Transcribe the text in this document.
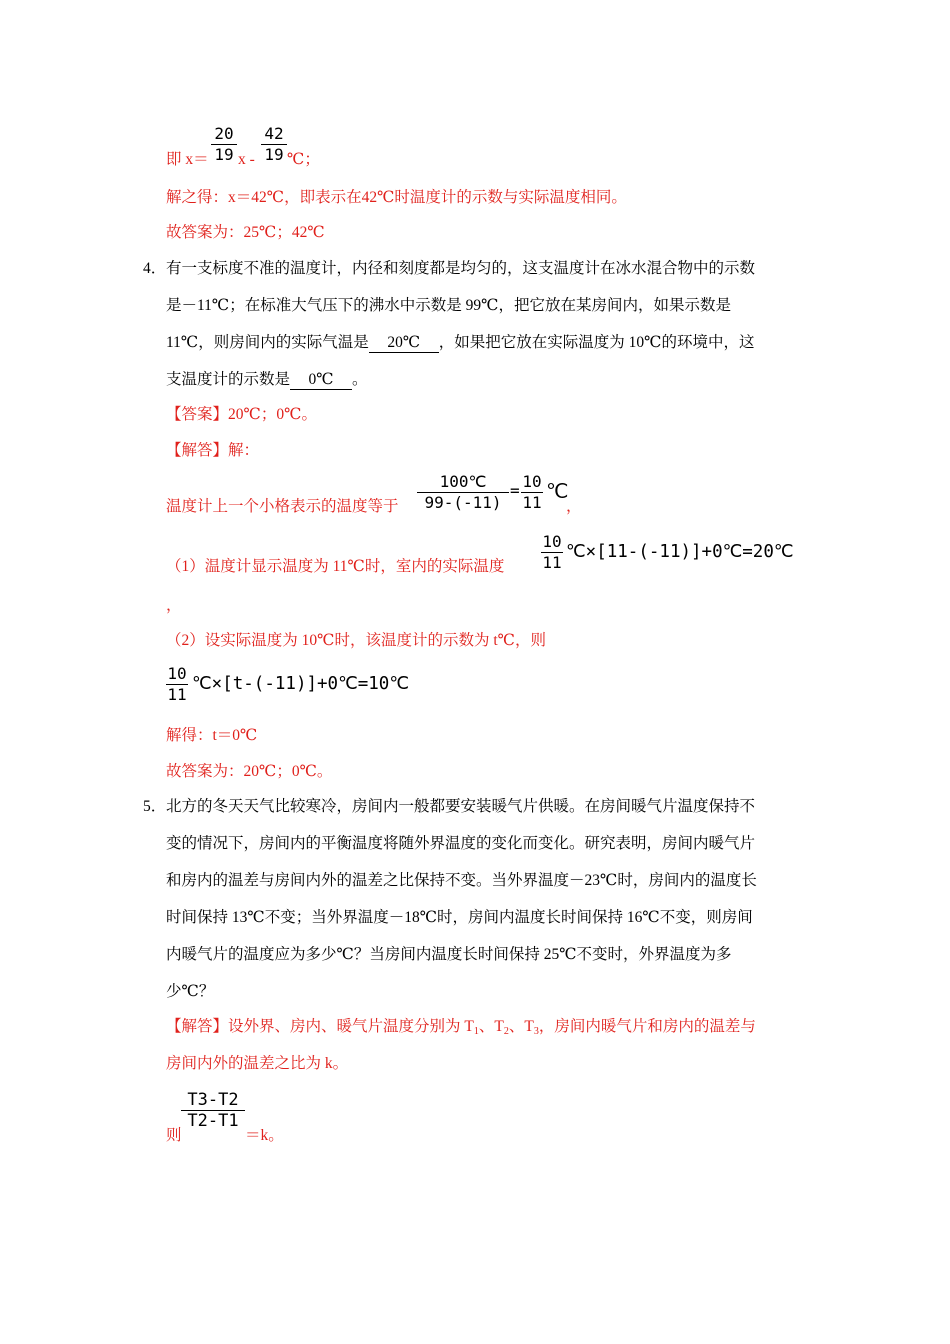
即 x＝
20
19 x -
42
19 ℃；
解之得：x＝42℃，即表示在42℃时温度计的示数与实际温度相同。
故答案为：25℃；42℃
4． 有一支标度不准的温度计，内径和刻度都是均匀的，这支温度计在冰水混合物中的示数
是－11℃；在标准大气压下的沸水中示数是 99℃，把它放在某房间内，如果示数是
11℃，则房间内的实际气温是 20℃ ，如果把它放在实际温度为 10℃的环境中，这
支温度计的示数是 0℃ 。
【答案】20℃；0℃。
【解答】解：
温度计上一个小格表示的温度等于
100℃
99-(-11)
= 10
11 ℃
，
（1）温度计显示温度为 11℃时，室内的实际温度
10
11
℃×[11-(-11)]+0℃=20℃
，
（2）设实际温度为 10℃时，该温度计的示数为 t℃，则
10
11
℃×[t-(-11)]+0℃=10℃
解得：t＝0℃
故答案为：20℃；0℃。
5． 北方的冬天天气比较寒冷，房间内一般都要安装暖气片供暖。在房间暖气片温度保持不
变的情况下，房间内的平衡温度将随外界温度的变化而变化。研究表明，房间内暖气片
和房内的温差与房间内外的温差之比保持不变。当外界温度－23℃时，房间内的温度长
时间保持 13℃不变；当外界温度－18℃时，房间内温度长时间保持 16℃不变，则房间
内暖气片的温度应为多少℃？当房间内温度长时间保持 25℃不变时，外界温度为多
少℃？
【解答】设外界、房内、暖气片温度分别为 $T_1$、$T_2$、$T_3$，房间内暖气片和房内的温差与
房间内外的温差之比为 k。
则
T3-T2
T2-T1
＝k。
